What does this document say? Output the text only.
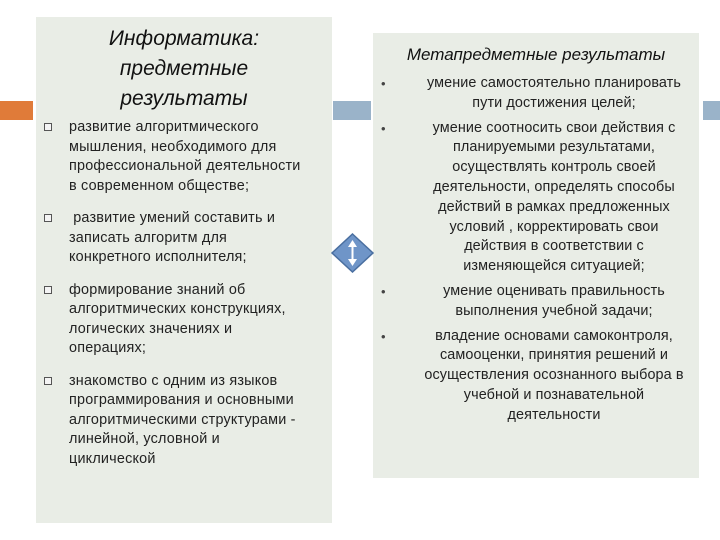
Информатика:
предметные
результаты
развитие алгоритмического
мышления, необходимого для
профессиональной деятельности
в современном обществе;
развитие умений составить и
записать алгоритм для
конкретного исполнителя;
формирование знаний об
алгоритмических конструкциях,
логических значениях и
операциях;
знакомство с одним из языков
программирования и основными
алгоритмическими структурами -
линейной, условной и
циклической
Метапредметные результаты
•	умение самостоятельно планировать
пути достижения целей;
•	умение соотносить свои действия с
планируемыми результатами,
осуществлять контроль своей
деятельности, определять способы
действий в рамках предложенных
условий , корректировать свои
действия в соответствии с
изменяющейся ситуацией;
•	умение оценивать правильность
выполнения учебной задачи;
•	владение основами самоконтроля,
самооценки, принятия решений и
осуществления осознанного выбора в
учебной и познавательной
деятельности
